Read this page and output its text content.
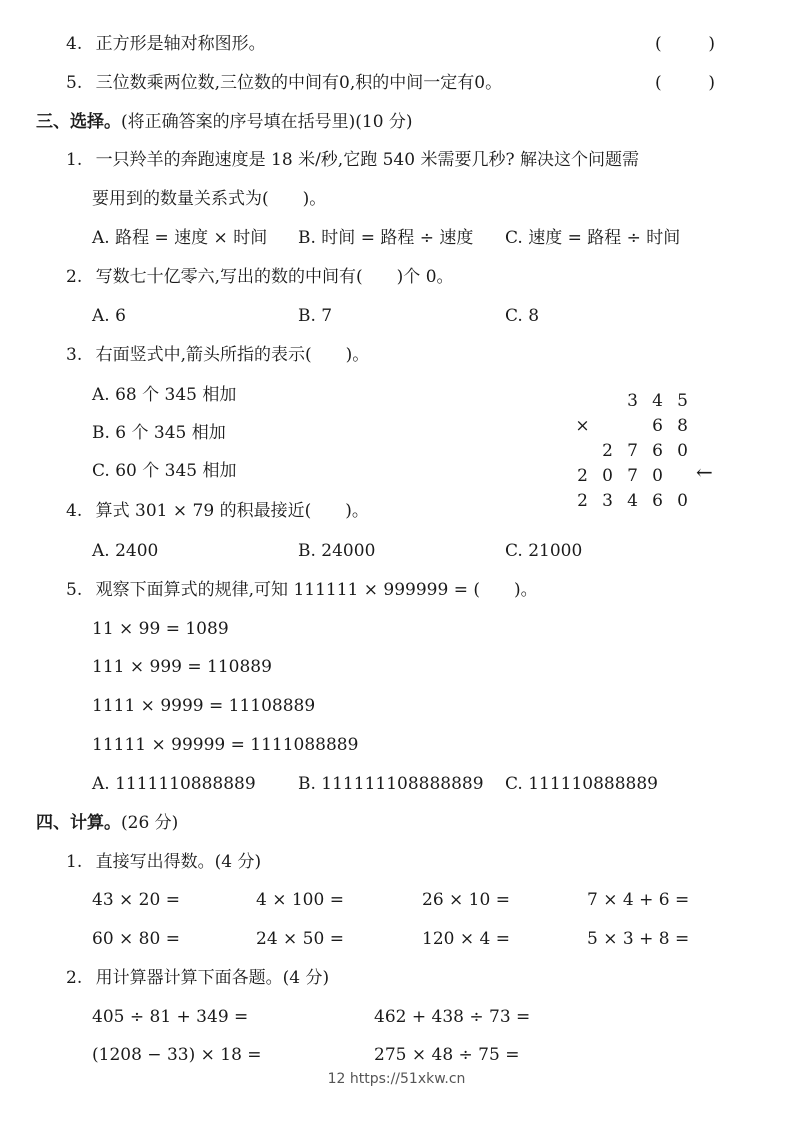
4. 正方形是轴对称图形。	(	)
5. 三位数乘两位数,三位数的中间有0,积的中间一定有0。	(	)
三、选择。(将正确答案的序号填在括号里)(10 分)
1. 一只羚羊的奔跑速度是 18 米/秒,它跑 540 米需要几秒? 解决这个问题需
要用到的数量关系式为(　　)。
A. 路程 = 速度 × 时间 B. 时间 = 路程 ÷ 速度 C. 速度 = 路程 ÷ 时间
2. 写数七十亿零六,写出的数的中间有(　　)个 0。
A. 6	B. 7	C. 8
3. 右面竖式中,箭头所指的表示(　　)。
A. 68 个 345 相加
B. 6 个 345 相加
C. 60 个 345 相加
3 4 5
×	6 8
2 7 6 0
2 0 7 0
2 3 4 6 0
←
4. 算式 301 × 79 的积最接近(　　)。
A. 2400	B. 24000	C. 21000
5. 观察下面算式的规律,可知 111111 × 999999 = (　　)。
11 × 99 = 1089
111 × 999 = 110889
1111 × 9999 = 11108889
11111 × 99999 = 1111088889
A. 1111110888889 B. 111111108888889 C. 111110888889
四、计算。(26 分)
1. 直接写出得数。(4 分)
43 × 20 =	4 × 100 =	26 × 10 =	7 × 4 + 6 =
60 × 80 =	24 × 50 =	120 × 4 =	5 × 3 + 8 =
2. 用计算器计算下面各题。(4 分)
405 ÷ 81 + 349 =	462 + 438 ÷ 73 =
(1208 − 33) × 18 =	275 × 48 ÷ 75 =
12 https://51xkw.cn
